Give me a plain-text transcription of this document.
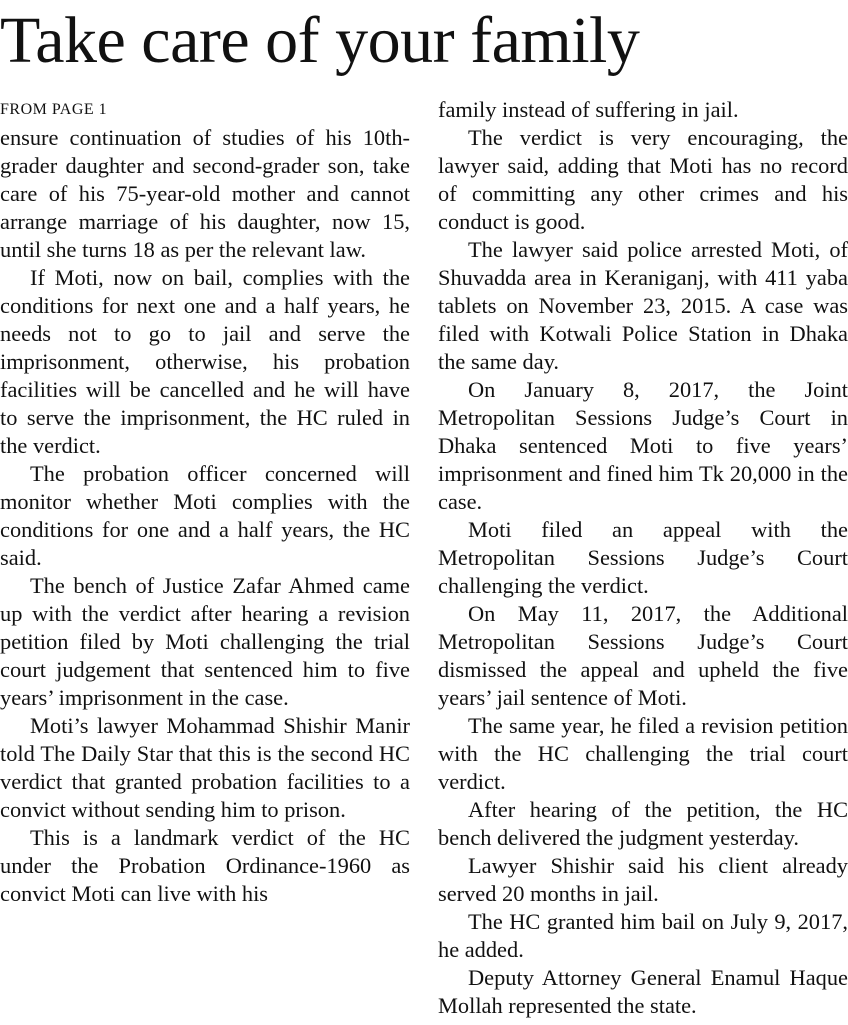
Take care of your family
FROM PAGE 1

ensure continuation of studies of his 10th-grader daughter and second-grader son, take care of his 75-year-old mother and cannot arrange marriage of his daughter, now 15, until she turns 18 as per the relevant law.

If Moti, now on bail, complies with the conditions for next one and a half years, he needs not to go to jail and serve the imprisonment, otherwise, his probation facilities will be cancelled and he will have to serve the imprisonment, the HC ruled in the verdict.

The probation officer concerned will monitor whether Moti complies with the conditions for one and a half years, the HC said.

The bench of Justice Zafar Ahmed came up with the verdict after hearing a revision petition filed by Moti challenging the trial court judgement that sentenced him to five years’ imprisonment in the case.

Moti’s lawyer Mohammad Shishir Manir told The Daily Star that this is the second HC verdict that granted probation facilities to a convict without sending him to prison.

This is a landmark verdict of the HC under the Probation Ordinance-1960 as convict Moti can live with his

family instead of suffering in jail.

The verdict is very encouraging, the lawyer said, adding that Moti has no record of committing any other crimes and his conduct is good.

The lawyer said police arrested Moti, of Shuvadda area in Keraniganj, with 411 yaba tablets on November 23, 2015. A case was filed with Kotwali Police Station in Dhaka the same day.

On January 8, 2017, the Joint Metropolitan Sessions Judge’s Court in Dhaka sentenced Moti to five years’ imprisonment and fined him Tk 20,000 in the case.

Moti filed an appeal with the Metropolitan Sessions Judge’s Court challenging the verdict.

On May 11, 2017, the Additional Metropolitan Sessions Judge’s Court dismissed the appeal and upheld the five years’ jail sentence of Moti.

The same year, he filed a revision petition with the HC challenging the trial court verdict.

After hearing of the petition, the HC bench delivered the judgment yesterday.

Lawyer Shishir said his client already served 20 months in jail.

The HC granted him bail on July 9, 2017, he added.

Deputy Attorney General Enamul Haque Mollah represented the state.
